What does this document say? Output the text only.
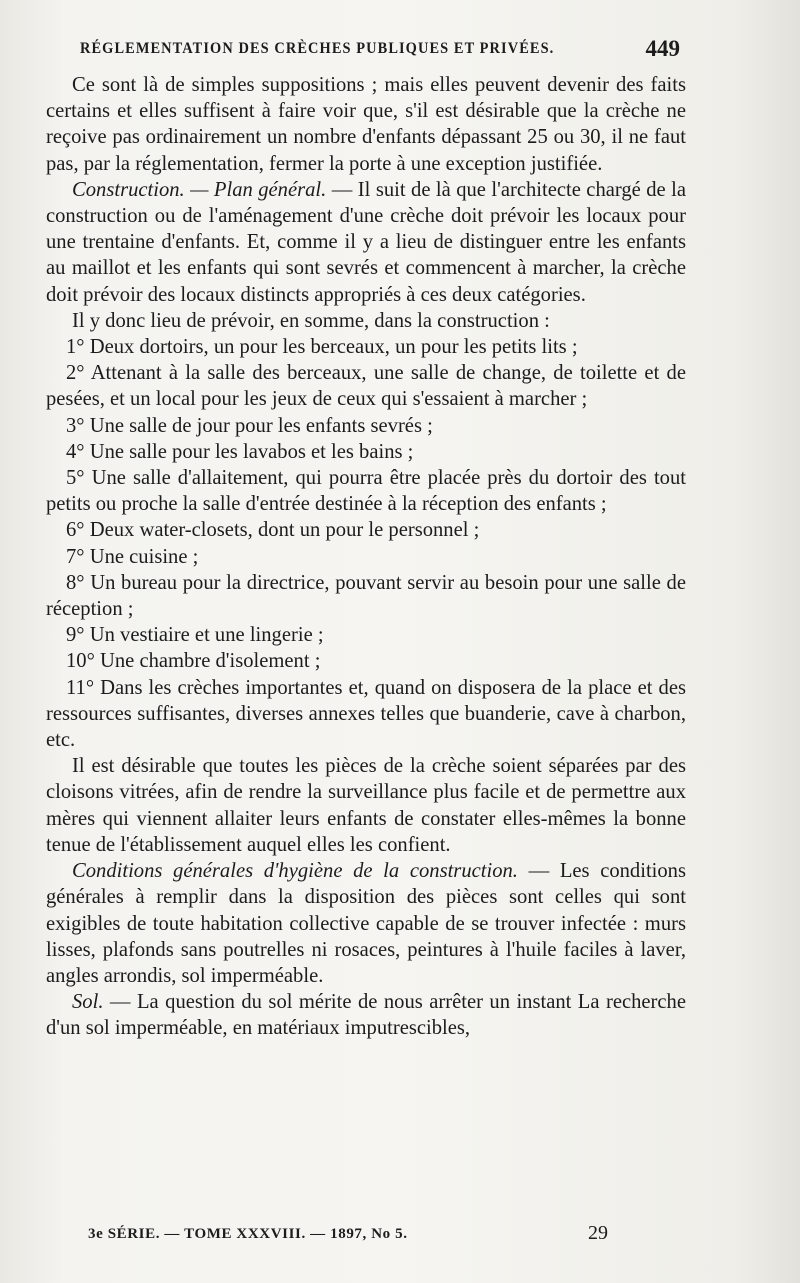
RÉGLEMENTATION DES CRÈCHES PUBLIQUES ET PRIVÉES.	449

Ce sont là de simples suppositions ; mais elles peuvent devenir des faits certains et elles suffisent à faire voir que, s'il est désirable que la crèche ne reçoive pas ordinairement un nombre d'enfants dépassant 25 ou 30, il ne faut pas, par la réglementation, fermer la porte à une exception justifiée.

Construction. — Plan général. — Il suit de là que l'architecte chargé de la construction ou de l'aménagement d'une crèche doit prévoir les locaux pour une trentaine d'enfants. Et, comme il y a lieu de distinguer entre les enfants au maillot et les enfants qui sont sevrés et commencent à marcher, la crèche doit prévoir des locaux distincts appropriés à ces deux catégories.

Il y donc lieu de prévoir, en somme, dans la construction :

1° Deux dortoirs, un pour les berceaux, un pour les petits lits ;

2° Attenant à la salle des berceaux, une salle de change, de toilette et de pesées, et un local pour les jeux de ceux qui s'essaient à marcher ;

3° Une salle de jour pour les enfants sevrés ;

4° Une salle pour les lavabos et les bains ;

5° Une salle d'allaitement, qui pourra être placée près du dortoir des tout petits ou proche la salle d'entrée destinée à la réception des enfants ;

6° Deux water-closets, dont un pour le personnel ;

7° Une cuisine ;

8° Un bureau pour la directrice, pouvant servir au besoin pour une salle de réception ;

9° Un vestiaire et une lingerie ;

10° Une chambre d'isolement ;

11° Dans les crèches importantes et, quand on disposera de la place et des ressources suffisantes, diverses annexes telles que buanderie, cave à charbon, etc.

Il est désirable que toutes les pièces de la crèche soient séparées par des cloisons vitrées, afin de rendre la surveillance plus facile et de permettre aux mères qui viennent allaiter leurs enfants de constater elles-mêmes la bonne tenue de l'établissement auquel elles les confient.

Conditions générales d'hygiène de la construction. — Les conditions générales à remplir dans la disposition des pièces sont celles qui sont exigibles de toute habitation collective capable de se trouver infectée : murs lisses, plafonds sans poutrelles ni rosaces, peintures à l'huile faciles à laver, angles arrondis, sol imperméable.

Sol. — La question du sol mérite de nous arrêter un instant La recherche d'un sol imperméable, en matériaux imputrescibles,

3e SÉRIE. — TOME XXXVIII. — 1897, No 5.	29
